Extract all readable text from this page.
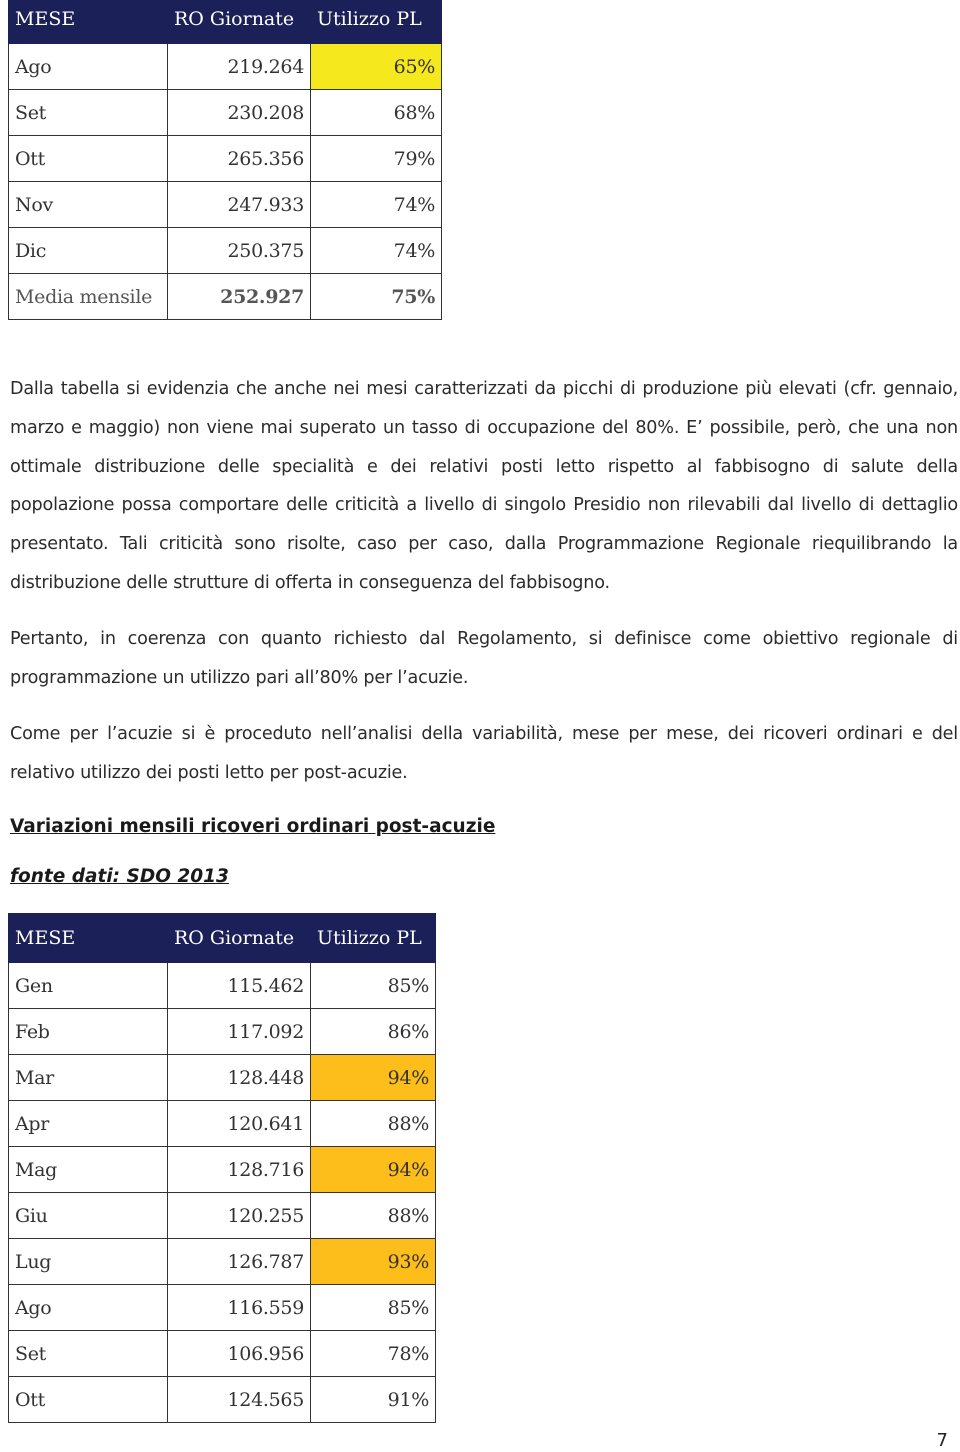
MESE	RO Giornate	Utilizzo PL
Ago	219.264	65%
Set	230.208	68%
Ott	265.356	79%
Nov	247.933	74%
Dic	250.375	74%
Media mensile	252.927	75%

Dalla tabella si evidenzia che anche nei mesi caratterizzati da picchi di produzione più elevati (cfr. gennaio, marzo e maggio) non viene mai superato un tasso di occupazione del 80%. E’ possibile, però, che una non ottimale distribuzione delle specialità e dei relativi posti letto rispetto al fabbisogno di salute della popolazione possa comportare delle criticità a livello di singolo Presidio non rilevabili dal livello di dettaglio presentato. Tali criticità sono risolte, caso per caso, dalla Programmazione Regionale riequilibrando la distribuzione delle strutture di offerta in conseguenza del fabbisogno.

Pertanto, in coerenza con quanto richiesto dal Regolamento, si definisce come obiettivo regionale di programmazione un utilizzo pari all’80% per l’acuzie.

Come per l’acuzie si è proceduto nell’analisi della variabilità, mese per mese, dei ricoveri ordinari e del relativo utilizzo dei posti letto per post-acuzie.

Variazioni mensili ricoveri ordinari post-acuzie

fonte dati: SDO 2013

MESE	RO Giornate	Utilizzo PL
Gen	115.462	85%
Feb	117.092	86%
Mar	128.448	94%
Apr	120.641	88%
Mag	128.716	94%
Giu	120.255	88%
Lug	126.787	93%
Ago	116.559	85%
Set	106.956	78%
Ott	124.565	91%
7
